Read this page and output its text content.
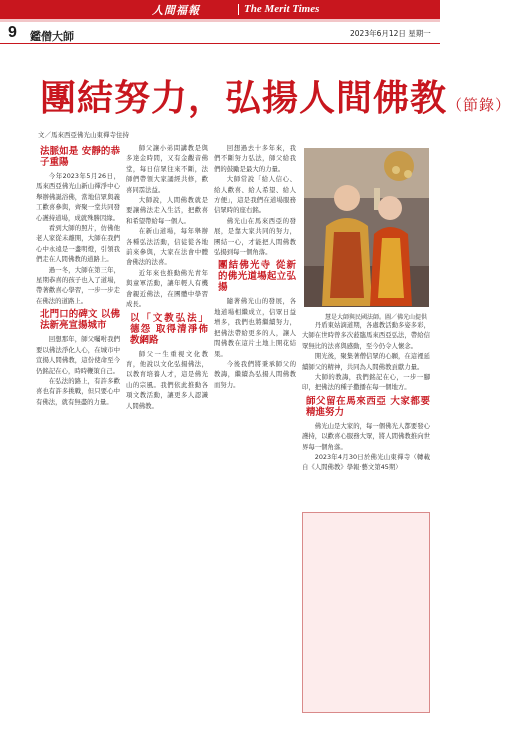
人間福報	The Merit Times
9 鑑僧大師	2023年6月12日 星期一
團結努力，弘揚人間佛教（節錄）
文／馬來西亞佛光山東禪寺住持
法脈如是 安靜的恭子重陽

今年2023年5月26日，馬來西亞佛光山新山禪淨中心舉辦佛誕浴佛，當地信眾與義工歡喜參與，齊聚一堂共同發心護持道場，成就殊勝因緣。

看到大師的照片，仿佛他老人家從未離開，大師在我們心中永遠是一盞明燈，引領我們走在人間佛教的道路上。

過一冬，大師在第三年，星期恭喜的孩子也入了道場，帶著歡喜心學習，一步一步走在佛法的道路上。

北門口的碑文 以佛法新亮宣揚城市

回想那年，師父囑咐我們要以佛法淨化人心，在城市中宣揚人間佛教，這份使命至今仍銘記在心，時時鞭策自己。

在弘法的路上，有許多歡喜也有許多挑戰，但只要心中有佛法，就有無盡的力量。

師父讓小弟問講教是與多達金時間，又有金觀音佛堂，每日信眾往來不斷，法師們帶領大家誦經共修，歡喜同霑法益。

大師說，人間佛教就是要讓佛法走入生活，把歡喜和希望帶給每一個人。

在新山道場，每年舉辦各種弘法活動，信徒從各地前來參與，大家在法會中體會佛法的法喜。

近年來也推動佛光青年與童軍活動，讓年輕人有機會親近佛法，在團體中學習成長。

以「文教弘法」 德怨 取得清淨佈教網路

師父一生重視文化教育，他說以文化弘揚佛法，以教育培養人才，這是佛光山的宗風。我們依此推動各項文教活動，讓更多人認識人間佛教。

回想過去十多年來，我們不斷努力弘法，師父給我們的鼓勵是最大的力量。

大師常說「給人信心、給人歡喜、給人希望、給人方便」，這是我們在道場服務信眾時的座右銘。

佛光山在馬來西亞的發展，是靠大家共同的努力，團結一心，才能把人間佛教弘揚到每一個角落。

團結佛光寺 從新的佛光道場起立弘揚

隨著佛光山的發展，各地道場相繼成立，信眾日益增多，我們也將繼續努力，把佛法帶給更多的人，讓人間佛教在這片土地上開花結果。

今後我們將秉承師父的教誨，繼續為弘揚人間佛教而努力。

丹盾東姑滴道期，各處教活動多姿多彩，大師在世時曾多次蒞臨馬來西亞弘法，帶給信眾無比的法喜與感動，至今仍令人懷念。

開光後，聚集著僧信眾的心願，在這裡延續師父的精神，共同為人間佛教貢獻力量。

大師的教誨，我們銘記在心，一步一腳印，把佛法的種子撒播在每一個地方。

師父留在馬來西亞 大家都要精進努力

佛光山是大家的，每一個佛光人都要發心護持，以歡喜心服務大眾，將人間佛教推向世界每一個角落。

2023年4月30日於佛光山東禪寺（轉載自《人間佛教》學報‧藝文第45期）

慧是大師與民國法師。圖／佛光山提供
